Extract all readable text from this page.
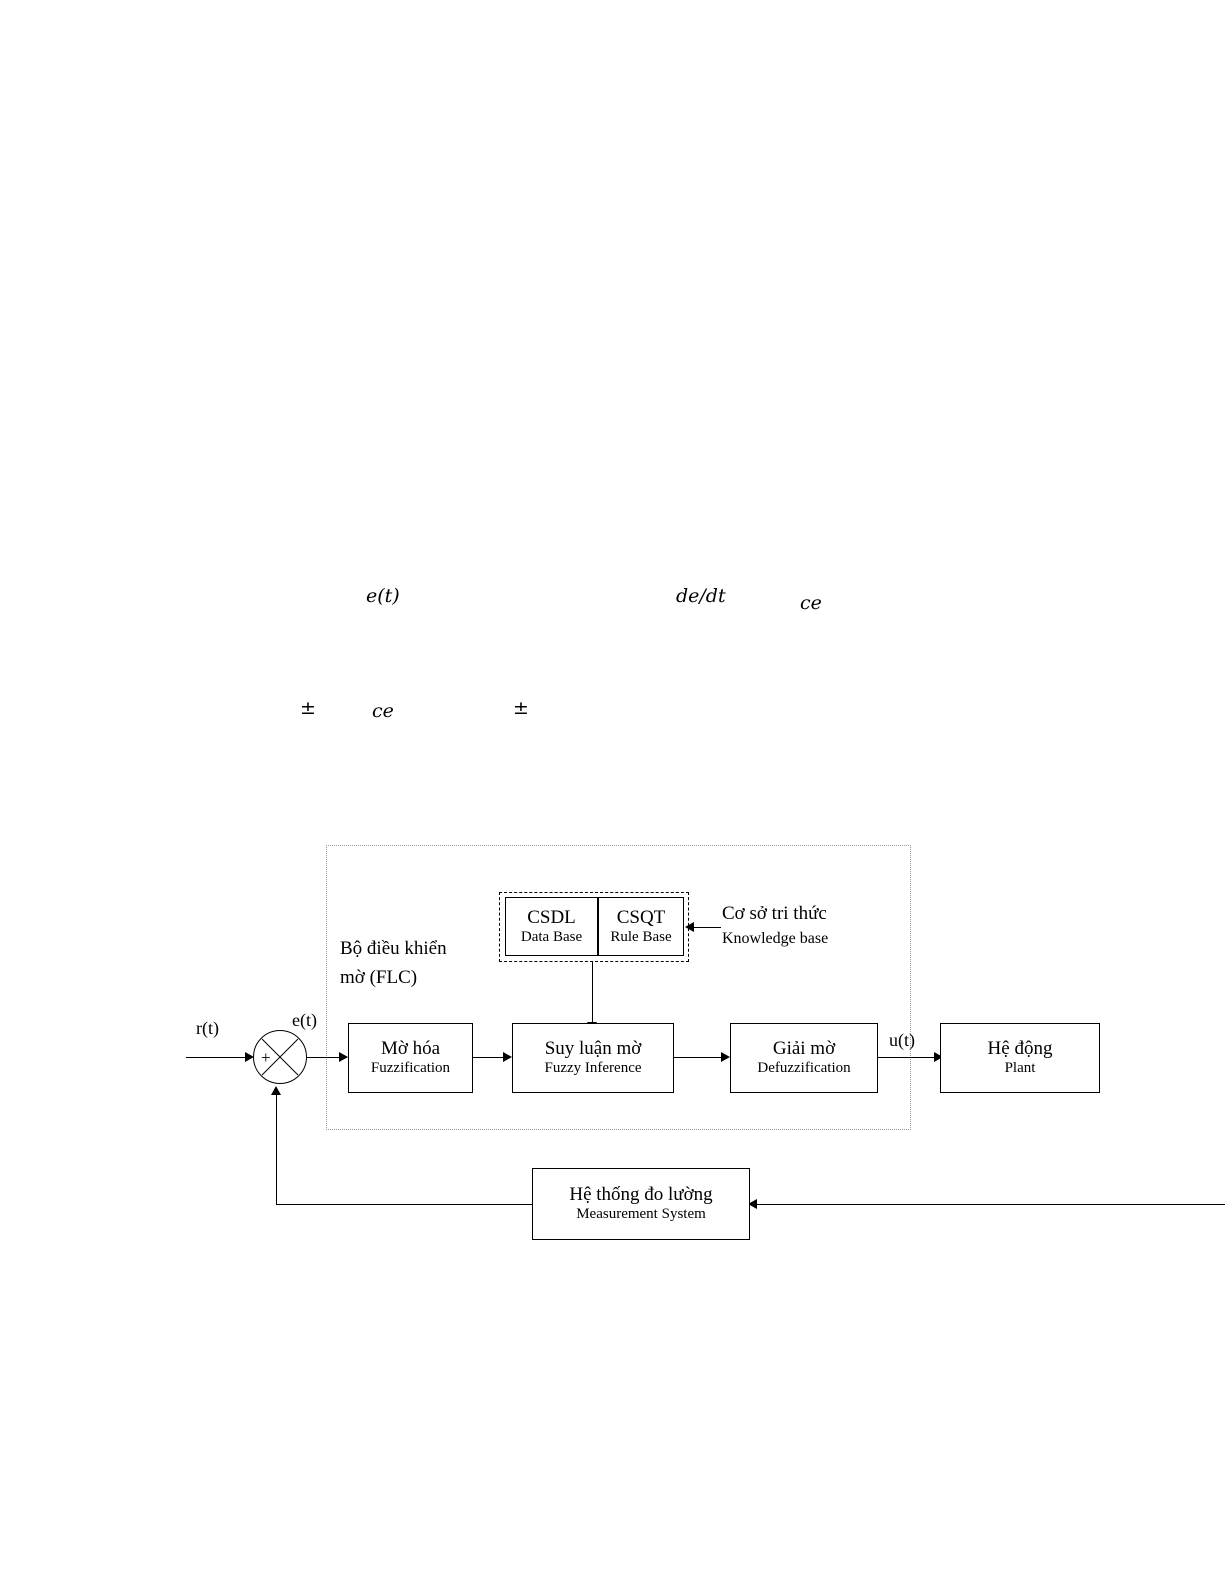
e(t)	de/dt	ce
±	ce	±
Bộ điều khiển
mờ (FLC)
CSDL
Data Base
CSQT
Rule Base
Cơ sở tri thức
Knowledge base
+
r(t)	e(t)
Mờ hóa
Fuzzification
Suy luận mờ
Fuzzy Inference
Giải mờ
Defuzzification
u(t)	Hệ động
Plant
Hệ thống đo lường
Measurement System
